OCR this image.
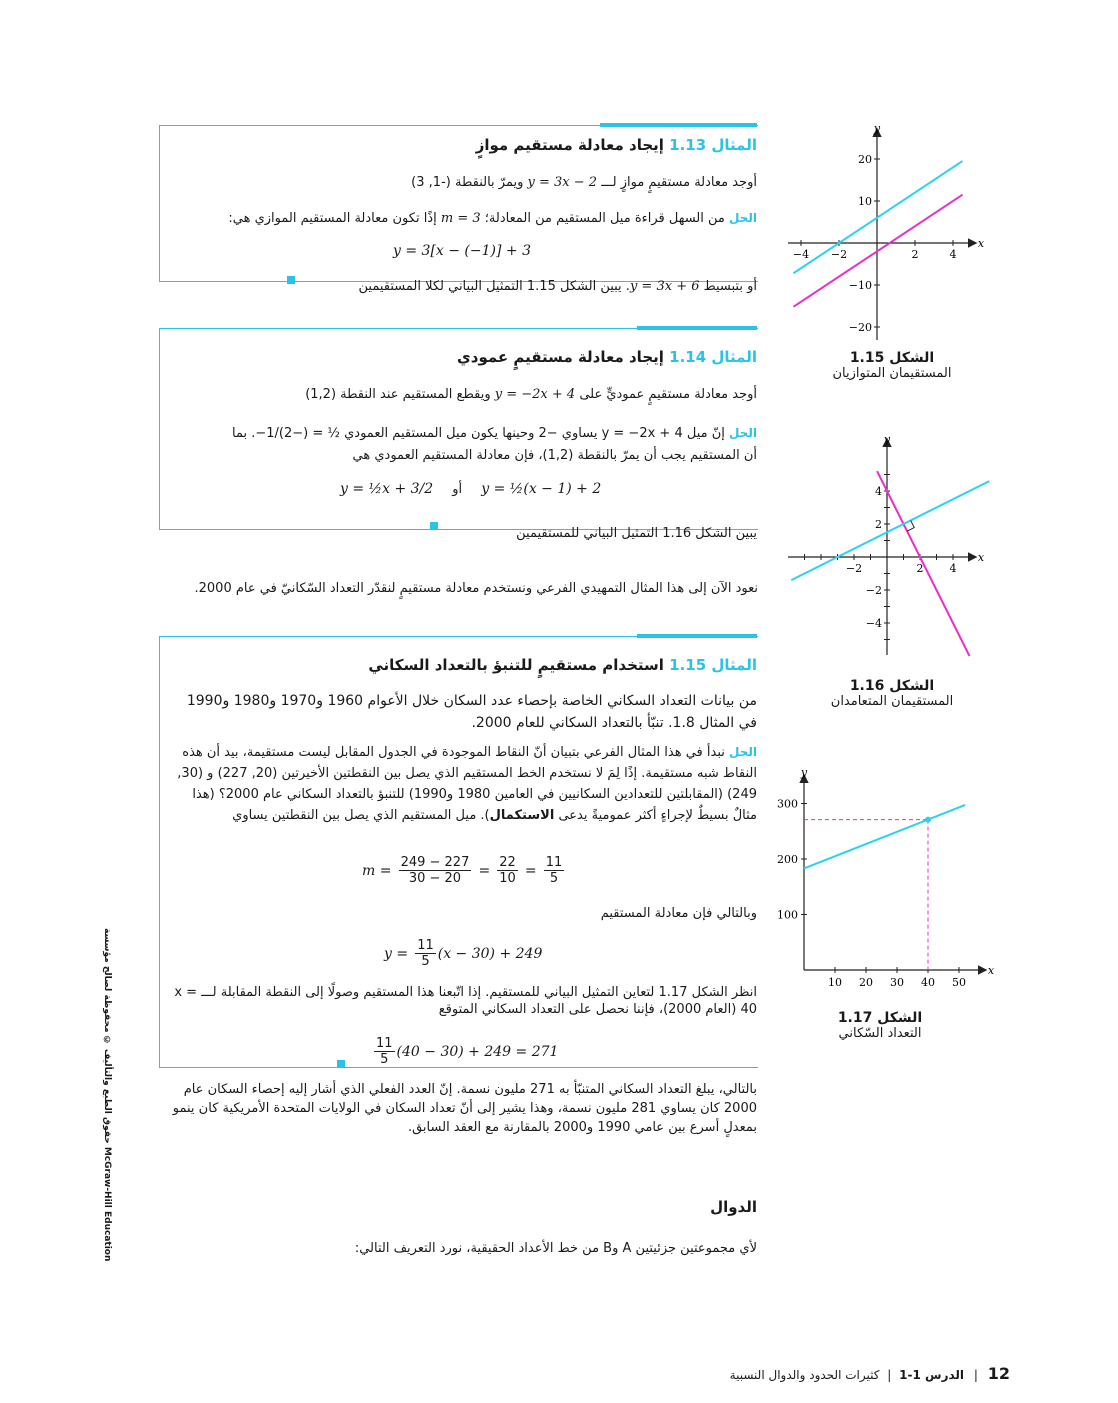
المثال 1.13 إيجاد معادلة مستقيم موازٍ
أوجد معادلة مستقيمٍ موازٍ لـــ y = 3x − 2 ويمرّ بالنقطة (-1, 3)
الحل من السهل قراءة ميل المستقيم من المعادلة؛ m = 3 إذًا تكون معادلة المستقيم الموازي هي:
y = 3[x − (−1)] + 3
أو بتبسيط y = 3x + 6. يبين الشكل 1.15 التمثيل البياني لكلا المستقيمين
المثال 1.14 إيجاد معادلة مستقيمٍ عمودي
أوجد معادلة مستقيمٍ عموديٍّ على y = −2x + 4 ويقطع المستقيم عند النقطة (1,2)
الحل إنّ ميل y = −2x + 4 يساوي −2 وحينها يكون ميل المستقيم العمودي ½ = (−2)/1−. بما
أن المستقيم يجب أن يمرّ بالنقطة (1,2)، فإن معادلة المستقيم العمودي هي
y = ½x + 3/2 أو y = ½(x − 1) + 2
يبين الشكل 1.16 التمثيل البياني للمستقيمين
نعود الآن إلى هذا المثال التمهيدي الفرعي ونستخدم معادلة مستقيمٍ لنقدّر التعداد السّكانيّ في عام 2000.
المثال 1.15 استخدام مستقيمٍ للتنبؤ بالتعداد السكاني
من بيانات التعداد السكاني الخاصة بإحصاء عدد السكان خلال الأعوام 1960 و1970 و1980 و1990 في المثال 1.8. تنبّأ بالتعداد السكاني للعام 2000.
الحل نبدأ في هذا المثال الفرعي بتبيان أنّ النقاط الموجودة في الجدول المقابل ليست مستقيمة، بيد أن هذه النقاط شبه مستقيمة. إذًا لِمَ لا نستخدم الخط المستقيم الذي يصل بين النقطتين الأخيرتين (20, 227) و (30, 249) (المقابلتين للتعدادين السكانيين في العامين 1980 و1990) للتنبؤ بالتعداد السكاني عام 2000؟ (هذا مثالٌ بسيطٌ لإجراءٍ أكثر عموميةً يدعى الاستكمال). ميل المستقيم الذي يصل بين النقطتين يساوي
$m = \frac{249 - 227}{30 - 20} = \frac{22}{10} = \frac{11}{5}$
وبالتالي فإن معادلة المستقيم
$y = \frac{11}{5} (x - 30) + 249$
انظر الشكل 1.17 لتعاين التمثيل البياني للمستقيم. إذا اتّبعنا هذا المستقيم وصولًا إلى النقطة المقابلة لـــ x = 40 (العام 2000)، فإننا نحصل على التعداد السكاني المتوقع
$\frac{11}{5} (40 - 30) + 249 = 271$
بالتالي، يبلغ التعداد السكاني المتنبّأ به 271 مليون نسمة. إنّ العدد الفعلي الذي أشار إليه إحصاء السكان عام 2000 كان يساوي 281 مليون نسمة، وهذا يشير إلى أنّ تعداد السكان في الولايات المتحدة الأمريكية كان ينمو بمعدلٍ أسرع بين عامي 1990 و2000 بالمقارنة مع العقد السابق.
الدوال
لأي مجموعتين جزئيتين A وB من خط الأعداد الحقيقية، نورد التعريف التالي:
−4 −2	2	4
20
10
−10
−20
x
y
الشكل 1.15
المستقيمان المتوازيان
−2	2 4
4
2
−2
−4
x
y
الشكل 1.16
المستقيمان المتعامدان
10 20 30 40 50
300
200
100
x
y
الشكل 1.17
التعداد السّكاني
حقوق الطبع والتأليف © محفوظة لصالح مؤسسة McGraw-Hill Education
12 | الدرس 1-1 | كثيرات الحدود والدوال النسبية
